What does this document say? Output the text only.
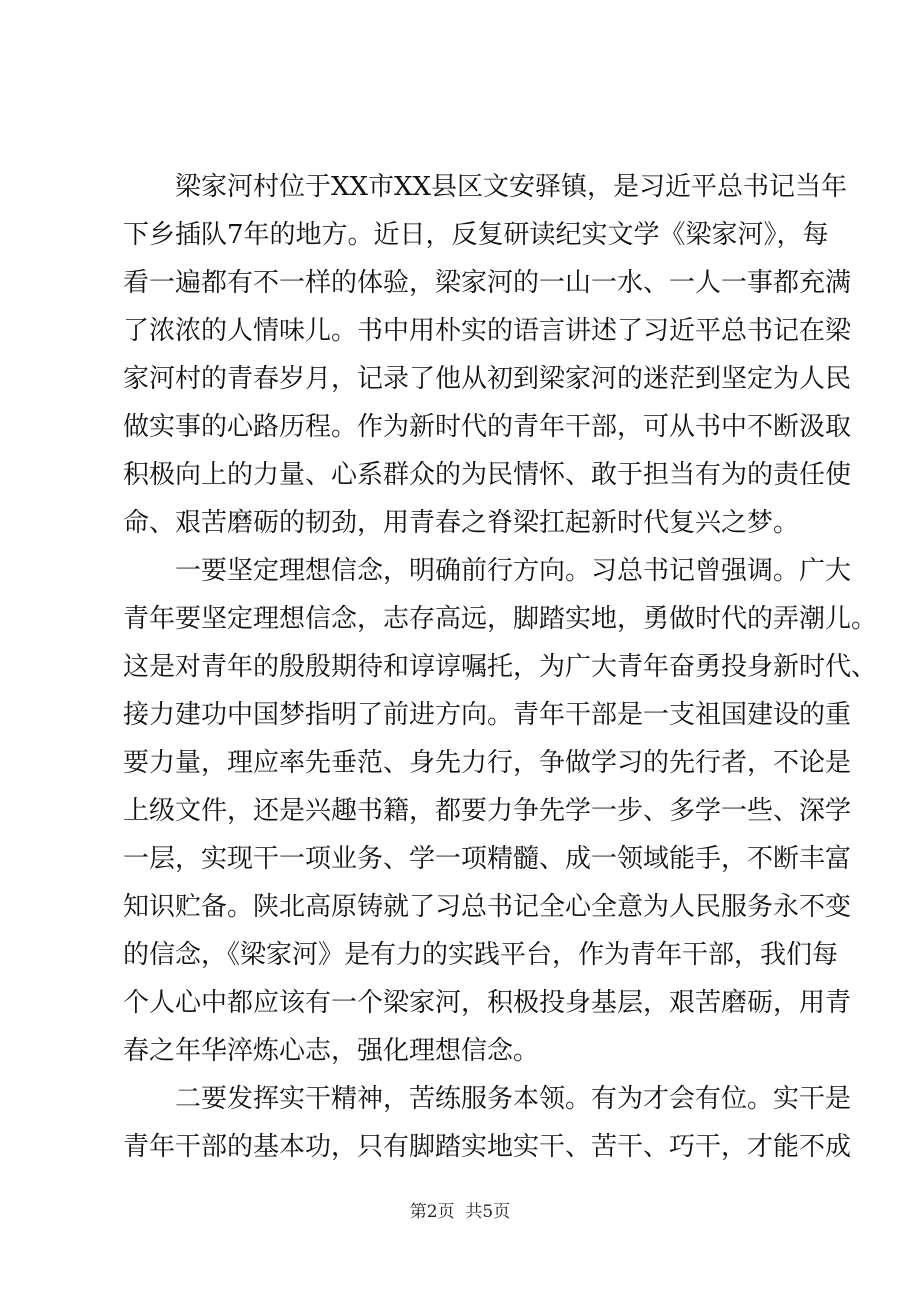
　　梁家河村位于XX市XX县区文安驿镇，是习近平总书记当年
下乡插队7年的地方。近日，反复研读纪实文学《梁家河》，每
看一遍都有不一样的体验，梁家河的一山一水、一人一事都充满
了浓浓的人情味儿。书中用朴实的语言讲述了习近平总书记在梁
家河村的青春岁月，记录了他从初到梁家河的迷茫到坚定为人民
做实事的心路历程。作为新时代的青年干部，可从书中不断汲取
积极向上的力量、心系群众的为民情怀、敢于担当有为的责任使
命、艰苦磨砺的韧劲，用青春之脊梁扛起新时代复兴之梦。
　　一要坚定理想信念，明确前行方向。习总书记曾强调。广大
青年要坚定理想信念，志存高远，脚踏实地，勇做时代的弄潮儿。
这是对青年的殷殷期待和谆谆嘱托，为广大青年奋勇投身新时代、
接力建功中国梦指明了前进方向。青年干部是一支祖国建设的重
要力量，理应率先垂范、身先力行，争做学习的先行者，不论是
上级文件，还是兴趣书籍，都要力争先学一步、多学一些、深学
一层，实现干一项业务、学一项精髓、成一领域能手，不断丰富
知识贮备。陕北高原铸就了习总书记全心全意为人民服务永不变
的信念，《梁家河》是有力的实践平台，作为青年干部，我们每
个人心中都应该有一个梁家河，积极投身基层，艰苦磨砺，用青
春之年华淬炼心志，强化理想信念。
　　二要发挥实干精神，苦练服务本领。有为才会有位。实干是
青年干部的基本功，只有脚踏实地实干、苦干、巧干，才能不成
第2页  共5页
